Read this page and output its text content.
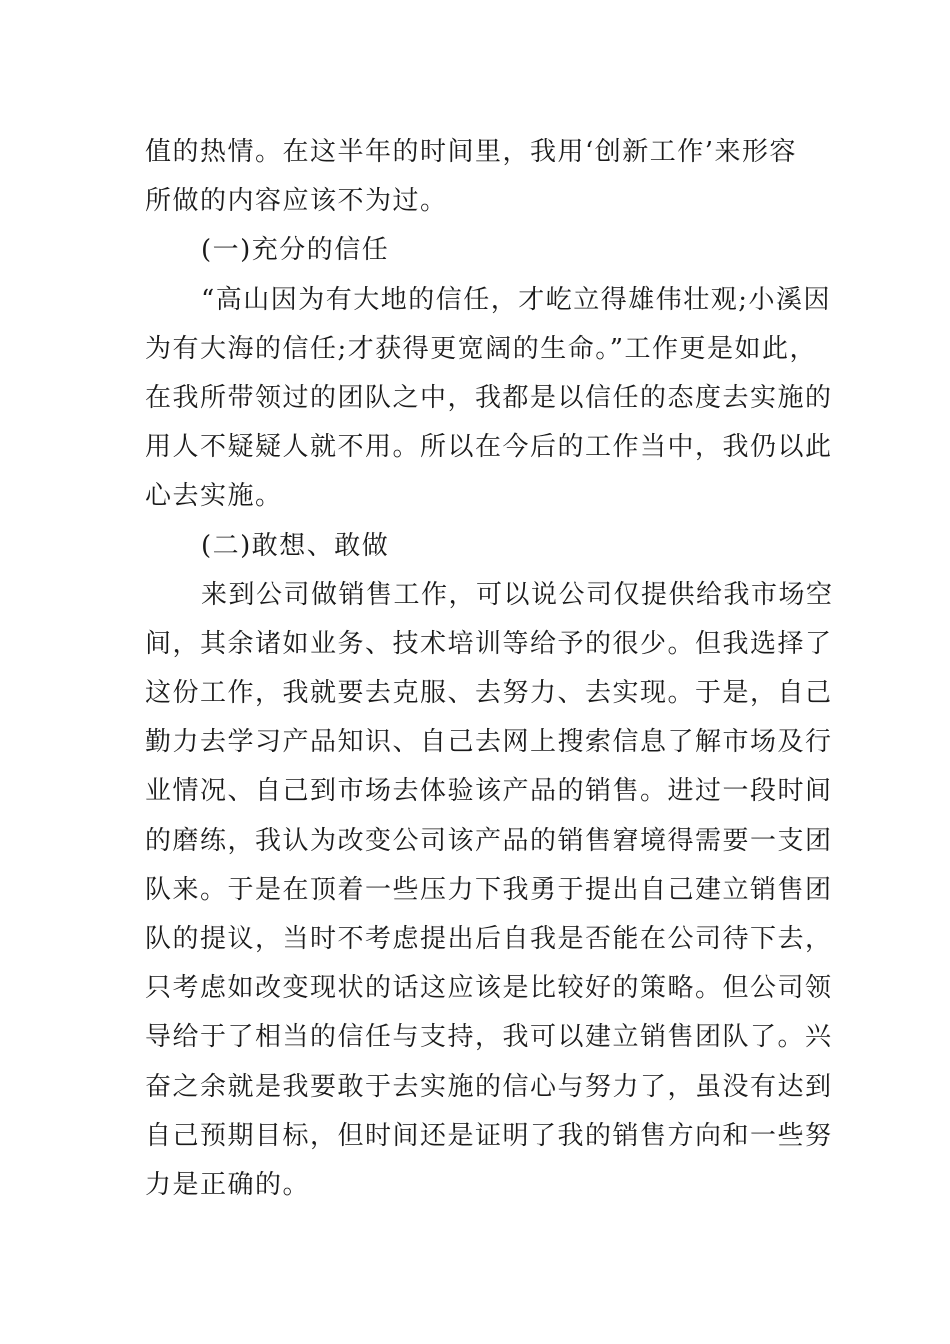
值的热情。在这半年的时间里，我用‘创新工作’来形容
所做的内容应该不为过。
(一)充分的信任
“高山因为有大地的信任，才屹立得雄伟壮观;小溪因
为有大海的信任;才获得更宽阔的生命。”工作更是如此，
在我所带领过的团队之中，我都是以信任的态度去实施的
用人不疑疑人就不用。所以在今后的工作当中，我仍以此
心去实施。
(二)敢想、敢做
来到公司做销售工作，可以说公司仅提供给我市场空
间，其余诸如业务、技术培训等给予的很少。但我选择了
这份工作，我就要去克服、去努力、去实现。于是，自己
勤力去学习产品知识、自己去网上搜索信息了解市场及行
业情况、自己到市场去体验该产品的销售。进过一段时间
的磨练，我认为改变公司该产品的销售窘境得需要一支团
队来。于是在顶着一些压力下我勇于提出自己建立销售团
队的提议，当时不考虑提出后自我是否能在公司待下去，
只考虑如改变现状的话这应该是比较好的策略。但公司领
导给于了相当的信任与支持，我可以建立销售团队了。兴
奋之余就是我要敢于去实施的信心与努力了，虽没有达到
自己预期目标，但时间还是证明了我的销售方向和一些努
力是正确的。
